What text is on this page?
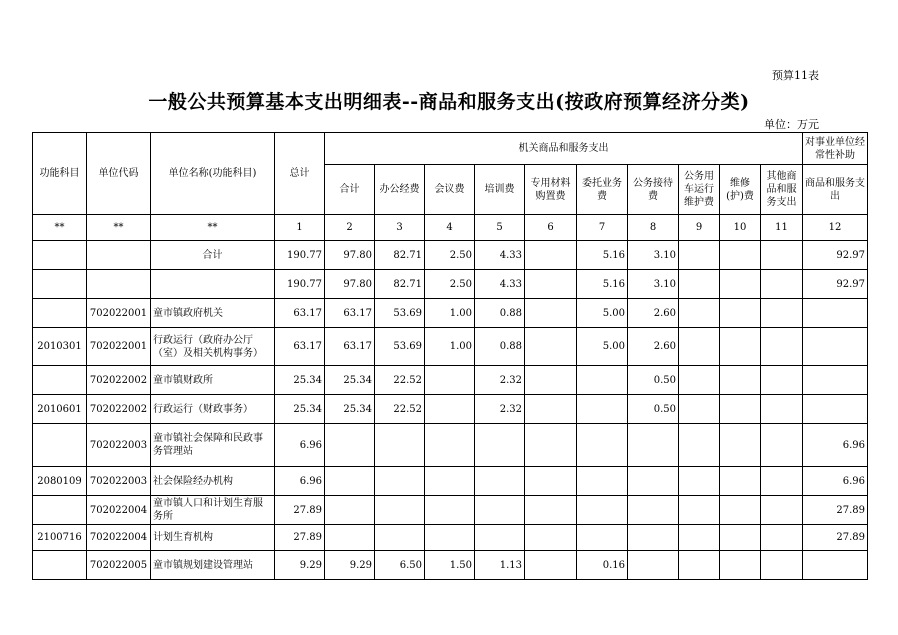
预算11表
一般公共预算基本支出明细表--商品和服务支出(按政府预算经济分类)
单位：万元
功能科目	单位代码	单位名称(功能科目)	总计	机关商品和服务支出										对事业单位经常性补助
				合计	办公经费	会议费	培训费	专用材料购置费	委托业务费	公务接待费	公务用车运行维护费	维修(护)费	其他商品和服务支出	商品和服务支出
**	**	**	1	2	3	4	5	6	7	8	9	10	11	12
		合计	190.77	97.80	82.71	2.50	4.33		5.16	3.10				92.97
			190.77	97.80	82.71	2.50	4.33		5.16	3.10				92.97
	702022001	童市镇政府机关	63.17	63.17	53.69	1.00	0.88		5.00	2.60				
2010301	702022001	行政运行（政府办公厅（室）及相关机构事务）	63.17	63.17	53.69	1.00	0.88		5.00	2.60				
	702022002	童市镇财政所	25.34	25.34	22.52		2.32			0.50				
2010601	702022002	行政运行（财政事务）	25.34	25.34	22.52		2.32			0.50				
	702022003	童市镇社会保障和民政事务管理站	6.96											6.96
2080109	702022003	社会保险经办机构	6.96											6.96
	702022004	童市镇人口和计划生育服务所	27.89											27.89
2100716	702022004	计划生育机构	27.89											27.89
	702022005	童市镇规划建设管理站	9.29	9.29	6.50	1.50	1.13		0.16					
